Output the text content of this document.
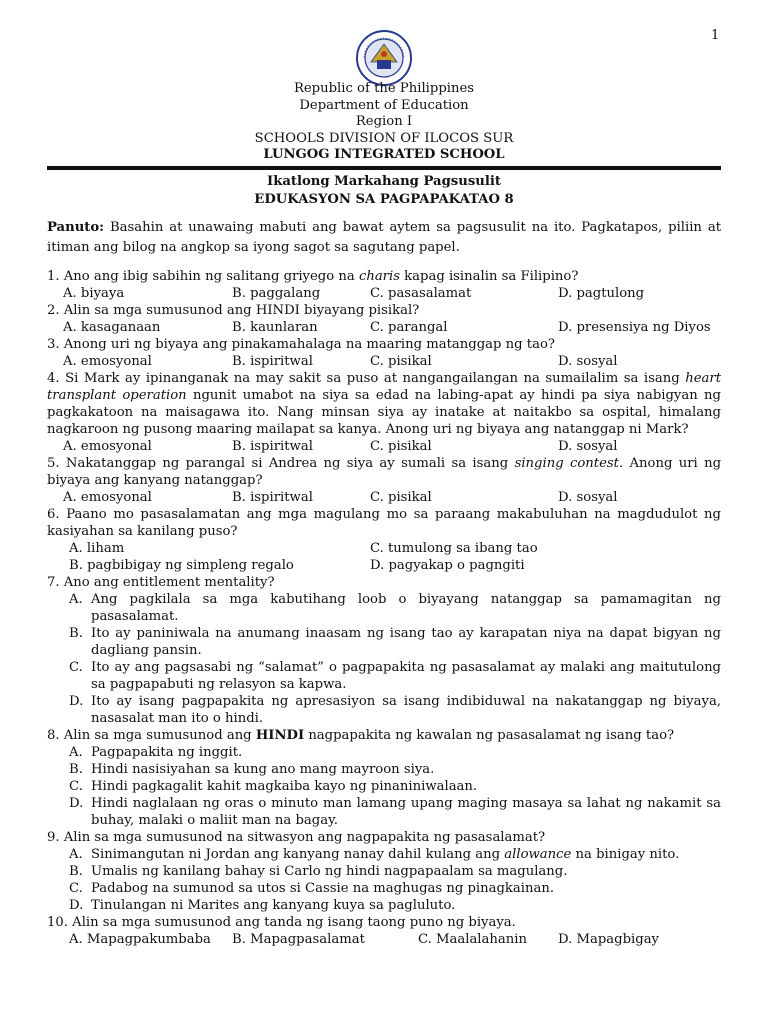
1
Republic of the Philippines
Department of Education
Region I
SCHOOLS DIVISION OF ILOCOS SUR
LUNGOG INTEGRATED SCHOOL
Ikatlong Markahang Pagsusulit
EDUKASYON SA PAGPAPAKATAO 8
Panuto: Basahin at unawaing mabuti ang bawat aytem sa pagsusulit na ito. Pagkatapos, piliin at itiman ang bilog na angkop sa iyong sagot sa sagutang papel.
1. Ano ang ibig sabihin ng salitang griyego na charis kapag isinalin sa Filipino?
A. biyaya	B. paggalang	C. pasasalamat	D. pagtulong
2. Alin sa mga sumusunod ang HINDI biyayang pisikal?
A. kasaganaan	B. kaunlaran	C. parangal	D. presensiya ng Diyos
3. Anong uri ng biyaya ang pinakamahalaga na maaring matanggap ng tao?
A. emosyonal	B. ispiritwal	C. pisikal	D. sosyal
4. Si Mark ay ipinanganak na may sakit sa puso at nangangailangan na sumailalim sa isang heart transplant operation ngunit umabot na siya sa edad na labing-apat ay hindi pa siya nabigyan ng pagkakatoon na maisagawa ito. Nang minsan siya ay inatake at naitakbo sa ospital, himalang nagkaroon ng pusong maaring mailapat sa kanya. Anong uri ng biyaya ang natanggap ni Mark?
A. emosyonal	B. ispiritwal	C. pisikal	D. sosyal
5. Nakatanggap ng parangal si Andrea ng siya ay sumali sa isang singing contest. Anong uri ng biyaya ang kanyang natanggap?
A. emosyonal	B. ispiritwal	C. pisikal	D. sosyal
6. Paano mo pasasalamatan ang mga magulang mo sa paraang makabuluhan na magdudulot ng kasiyahan sa kanilang puso?
A. liham	C. tumulong sa ibang tao
B. pagbibigay ng simpleng regalo	D. pagyakap o pagngiti
7. Ano ang entitlement mentality?
A. Ang pagkilala sa mga kabutihang loob o biyayang natanggap sa pamamagitan ng pasasalamat.
B. Ito ay paniniwala na anumang inaasam ng isang tao ay karapatan niya na dapat bigyan ng dagliang pansin.
C. Ito ay ang pagsasabi ng “salamat” o pagpapakita ng pasasalamat ay malaki ang maitutulong sa pagpapabuti ng relasyon sa kapwa.
D. Ito ay isang pagpapakita ng apresasiyon sa isang indibiduwal na nakatanggap ng biyaya, nasasalat man ito o hindi.
8. Alin sa mga sumusunod ang HINDI nagpapakita ng kawalan ng pasasalamat ng isang tao?
A. Pagpapakita ng inggit.
B. Hindi nasisiyahan sa kung ano mang mayroon siya.
C. Hindi pagkagalit kahit magkaiba kayo ng pinaniniwalaan.
D. Hindi naglalaan ng oras o minuto man lamang upang maging masaya sa lahat ng nakamit sa buhay, malaki o maliit man na bagay.
9. Alin sa mga sumusunod na sitwasyon ang nagpapakita ng pasasalamat?
A. Sinimangutan ni Jordan ang kanyang nanay dahil kulang ang allowance na binigay nito.
B. Umalis ng kanilang bahay si Carlo ng hindi nagpapaalam sa magulang.
C. Padabog na sumunod sa utos si Cassie na maghugas ng pinagkainan.
D. Tinulangan ni Marites ang kanyang kuya sa pagluluto.
10. Alin sa mga sumusunod ang tanda ng isang taong puno ng biyaya.
A. Mapagpakumbaba B. Mapagpasalamat	C. Maalalahanin D. Mapagbigay
